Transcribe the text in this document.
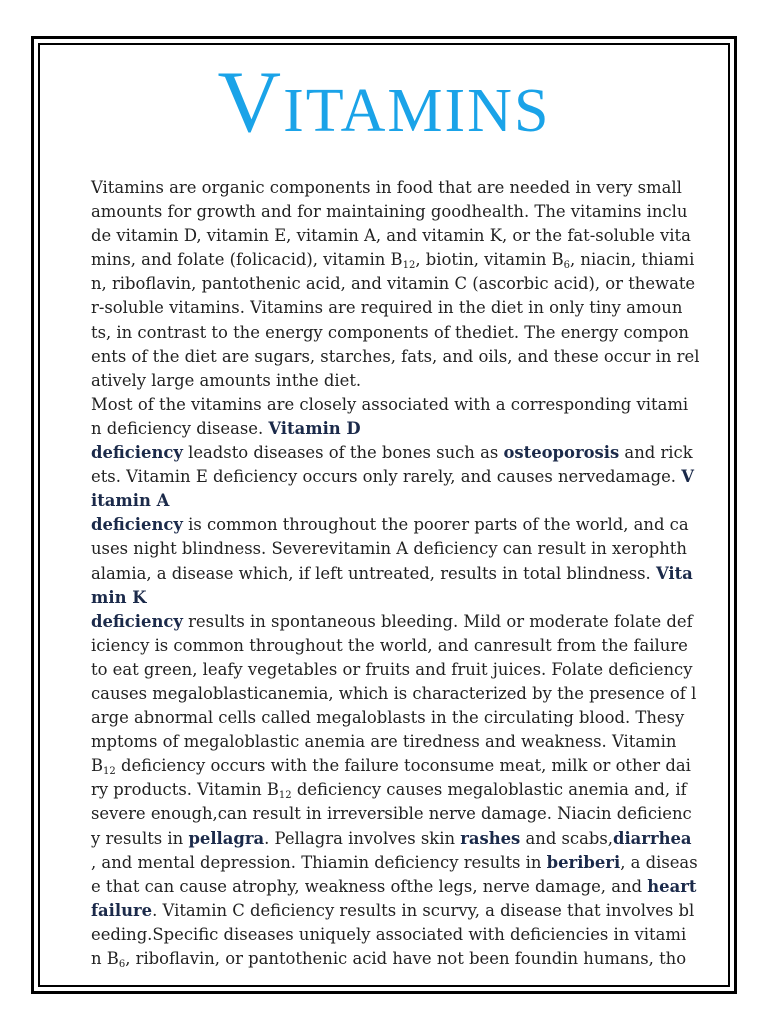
Vitamins
Vitamins are organic components in food that are needed in very small
amounts for growth and for maintaining goodhealth. The vitamins inclu
de vitamin D, vitamin E, vitamin A, and vitamin K, or the fat-soluble vita
mins, and folate (folicacid), vitamin $B_{12}$, biotin, vitamin $B_6$, niacin, thiami
n, riboflavin, pantothenic acid, and vitamin C (ascorbic acid), or thewate
r-soluble vitamins. Vitamins are required in the diet in only tiny amoun
ts, in contrast to the energy components of thediet. The energy compon
ents of the diet are sugars, starches, fats, and oils, and these occur in rel
atively large amounts inthe diet.
Most of the vitamins are closely associated with a corresponding vitami
n deficiency disease. Vitamin D
deficiency leadsto diseases of the bones such as osteoporosis and rick
ets. Vitamin E deficiency occurs only rarely, and causes nervedamage. V
itamin A
deficiency is common throughout the poorer parts of the world, and ca
uses night blindness. Severevitamin A deficiency can result in xerophth
alamia, a disease which, if left untreated, results in total blindness. Vita
min K
deficiency results in spontaneous bleeding. Mild or moderate folate def
iciency is common throughout the world, and canresult from the failure
to eat green, leafy vegetables or fruits and fruit juices. Folate deficiency
causes megaloblasticanemia, which is characterized by the presence of l
arge abnormal cells called megaloblasts in the circulating blood. Thesy
mptoms of megaloblastic anemia are tiredness and weakness. Vitamin
$B_{12}$ deficiency occurs with the failure toconsume meat, milk or other dai
ry products. Vitamin $B_{12}$ deficiency causes megaloblastic anemia and, if
severe enough,can result in irreversible nerve damage. Niacin deficienc
y results in pellagra. Pellagra involves skin rashes and scabs,diarrhea
, and mental depression. Thiamin deficiency results in beriberi, a diseas
e that can cause atrophy, weakness ofthe legs, nerve damage, and heart
failure. Vitamin C deficiency results in scurvy, a disease that involves bl
eeding.Specific diseases uniquely associated with deficiencies in vitami
n $B_6$, riboflavin, or pantothenic acid have not been foundin humans, tho
